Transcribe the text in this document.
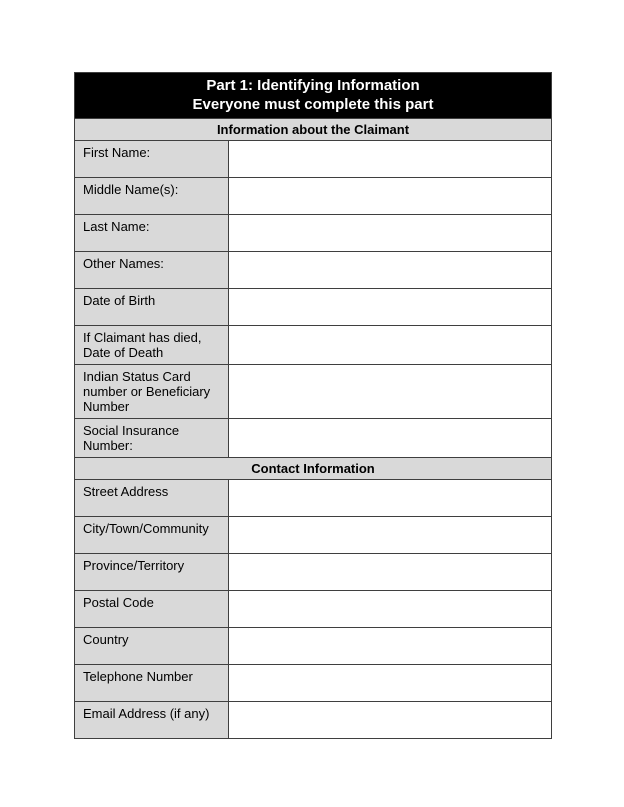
Part 1: Identifying Information
Everyone must complete this part
Information about the Claimant
First Name:
Middle Name(s):
Last Name:
Other Names:
Date of Birth
If Claimant has died, Date of Death
Indian Status Card number or Beneficiary Number
Social Insurance Number:
Contact Information
Street Address
City/Town/Community
Province/Territory
Postal Code
Country
Telephone Number
Email Address (if any)
